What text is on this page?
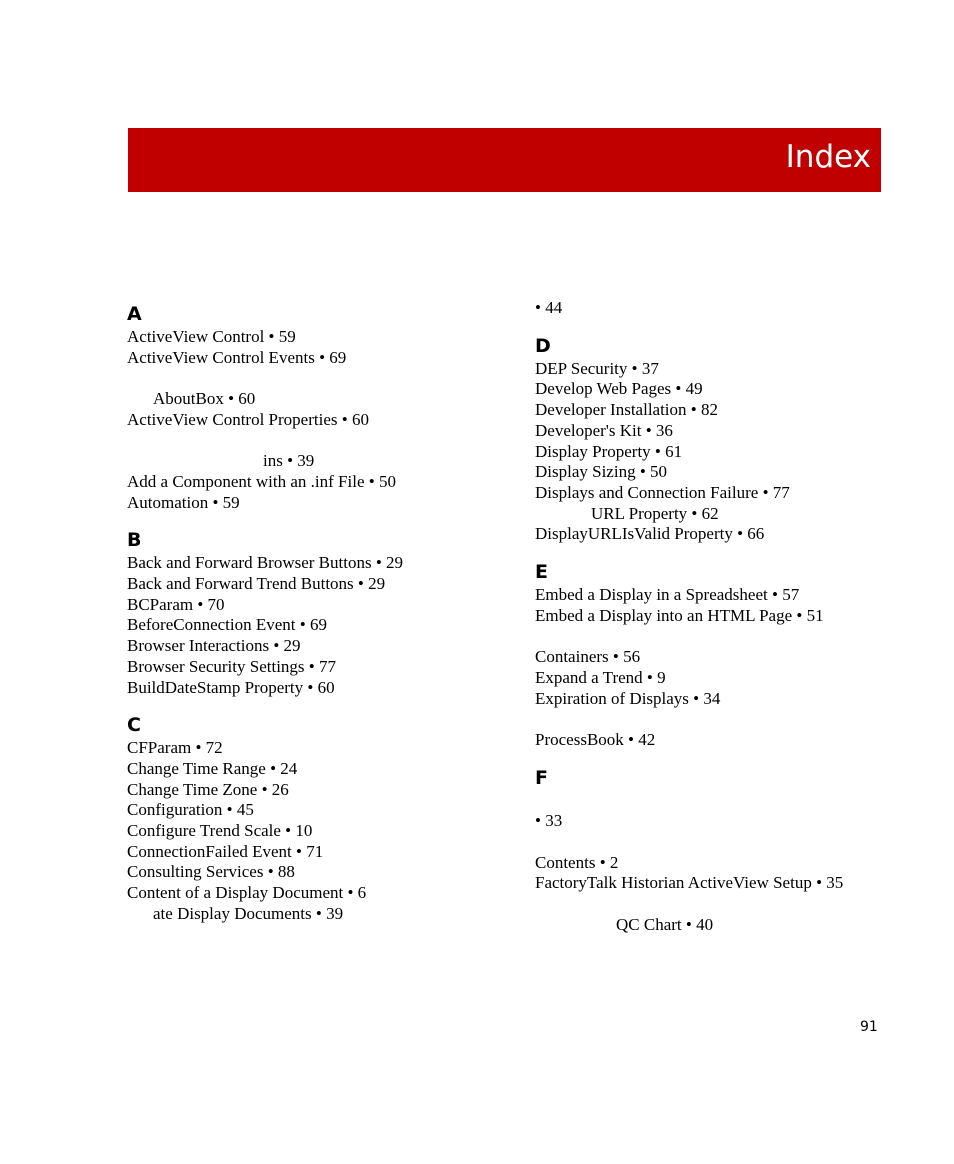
Index
A
ActiveView Control • 59
ActiveView Control Events • 69
AboutBox • 60
ActiveView Control Properties • 60
ins • 39
Add a Component with an .inf File • 50
Automation • 59
B
Back and Forward Browser Buttons • 29
Back and Forward Trend Buttons • 29
BCParam • 70
BeforeConnection Event • 69
Browser Interactions • 29
Browser Security Settings • 77
BuildDateStamp Property • 60
C
CFParam • 72
Change Time Range • 24
Change Time Zone • 26
Configuration • 45
Configure Trend Scale • 10
ConnectionFailed Event • 71
Consulting Services • 88
Content of a Display Document • 6
ate Display Documents • 39
• 44
D
DEP Security • 37
Develop Web Pages • 49
Developer Installation • 82
Developer's Kit • 36
Display Property • 61
Display Sizing • 50
Displays and Connection Failure • 77
URL Property • 62
DisplayURLIsValid Property • 66
E
Embed a Display in a Spreadsheet • 57
Embed a Display into an HTML Page • 51
Containers • 56
Expand a Trend • 9
Expiration of Displays • 34
ProcessBook • 42
F
• 33
Contents • 2
FactoryTalk Historian ActiveView Setup • 35
QC Chart • 40
91
